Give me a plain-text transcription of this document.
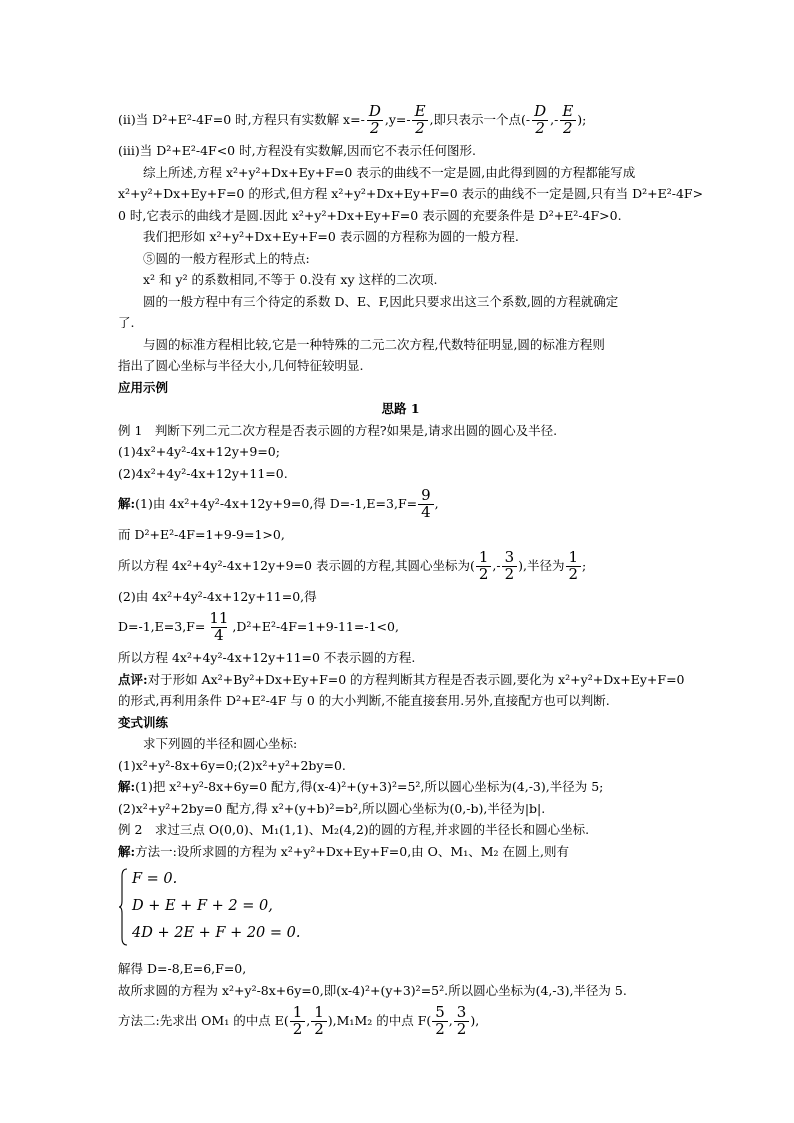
(ⅱ)当 D²+E²-4F=0 时,方程只有实数解 $x=- \frac{D}{2} ,y=- \frac{E}{2}$ ,即只表示一个点(- $\frac{D}{2}$ ,- $\frac{E}{2}$ );
(ⅲ)当 D²+E²-4F<0 时,方程没有实数解,因而它不表示任何图形.
综上所述,方程 x²+y²+Dx+Ey+F=0 表示的曲线不一定是圆,由此得到圆的方程都能写成
x²+y²+Dx+Ey+F=0 的形式,但方程 x²+y²+Dx+Ey+F=0 表示的曲线不一定是圆,只有当 D²+E²-4F>
0 时,它表示的曲线才是圆.因此 x²+y²+Dx+Ey+F=0 表示圆的充要条件是 D²+E²-4F>0.
我们把形如 x²+y²+Dx+Ey+F=0 表示圆的方程称为圆的一般方程.
⑤圆的一般方程形式上的特点:
x² 和 y² 的系数相同,不等于 0.没有 xy 这样的二次项.
圆的一般方程中有三个待定的系数 D、E、F,因此只要求出这三个系数,圆的方程就确定
了.
与圆的标准方程相比较,它是一种特殊的二元二次方程,代数特征明显,圆的标准方程则
指出了圆心坐标与半径大小,几何特征较明显.
应用示例
思路 1
例 1　判断下列二元二次方程是否表示圆的方程?如果是,请求出圆的圆心及半径.
(1)4x²+4y²-4x+12y+9=0;
(2)4x²+4y²-4x+12y+11=0.
解:(1)由 4x²+4y²-4x+12y+9=0,得 $D=-1,E=3,F= \frac{9}{4}$ ,
而 D²+E²-4F=1+9-9=1>0,
所以方程 4x²+4y²-4x+12y+9=0 表示圆的方程,其圆心坐标为( $\frac{1}{2}$ ,- $\frac{3}{2}$ ),半径为 $\frac{1}{2}$ ;
(2)由 4x²+4y²-4x+12y+11=0,得
$D=-1,E=3,F= \frac{11}{4} ,D^2+E^2-4F=1+9-11=-1<0$,
所以方程 4x²+4y²-4x+12y+11=0 不表示圆的方程.
点评:对于形如 Ax²+By²+Dx+Ey+F=0 的方程判断其方程是否表示圆,要化为 x²+y²+Dx+Ey+F=0
的形式,再利用条件 D²+E²-4F 与 0 的大小判断,不能直接套用.另外,直接配方也可以判断.
变式训练
求下列圆的半径和圆心坐标:
(1)x²+y²-8x+6y=0;(2)x²+y²+2by=0.
解:(1)把 x²+y²-8x+6y=0 配方,得(x-4)²+(y+3)²=5²,所以圆心坐标为(4,-3),半径为 5;
(2)x²+y²+2by=0 配方,得 x²+(y+b)²=b²,所以圆心坐标为(0,-b),半径为|b|.
例 2　求过三点 O(0,0)、M₁(1,1)、M₂(4,2)的圆的方程,并求圆的半径长和圆心坐标.
解:方法一:设所求圆的方程为 x²+y²+Dx+Ey+F=0,由 O、M₁、M₂ 在圆上,则有
F = 0.
D + E + F + 2 = 0,
4D + 2E + F + 20 = 0.
解得 D=-8,E=6,F=0,
故所求圆的方程为 x²+y²-8x+6y=0,即(x-4)²+(y+3)²=5².所以圆心坐标为(4,-3),半径为 5.
方法二:先求出 OM₁ 的中点 $E( \frac{1}{2}$ , $\frac{1}{2} ),M_1M_2$ 的中点 $F( \frac{5}{2}$ , $\frac{3}{2}$ ),
